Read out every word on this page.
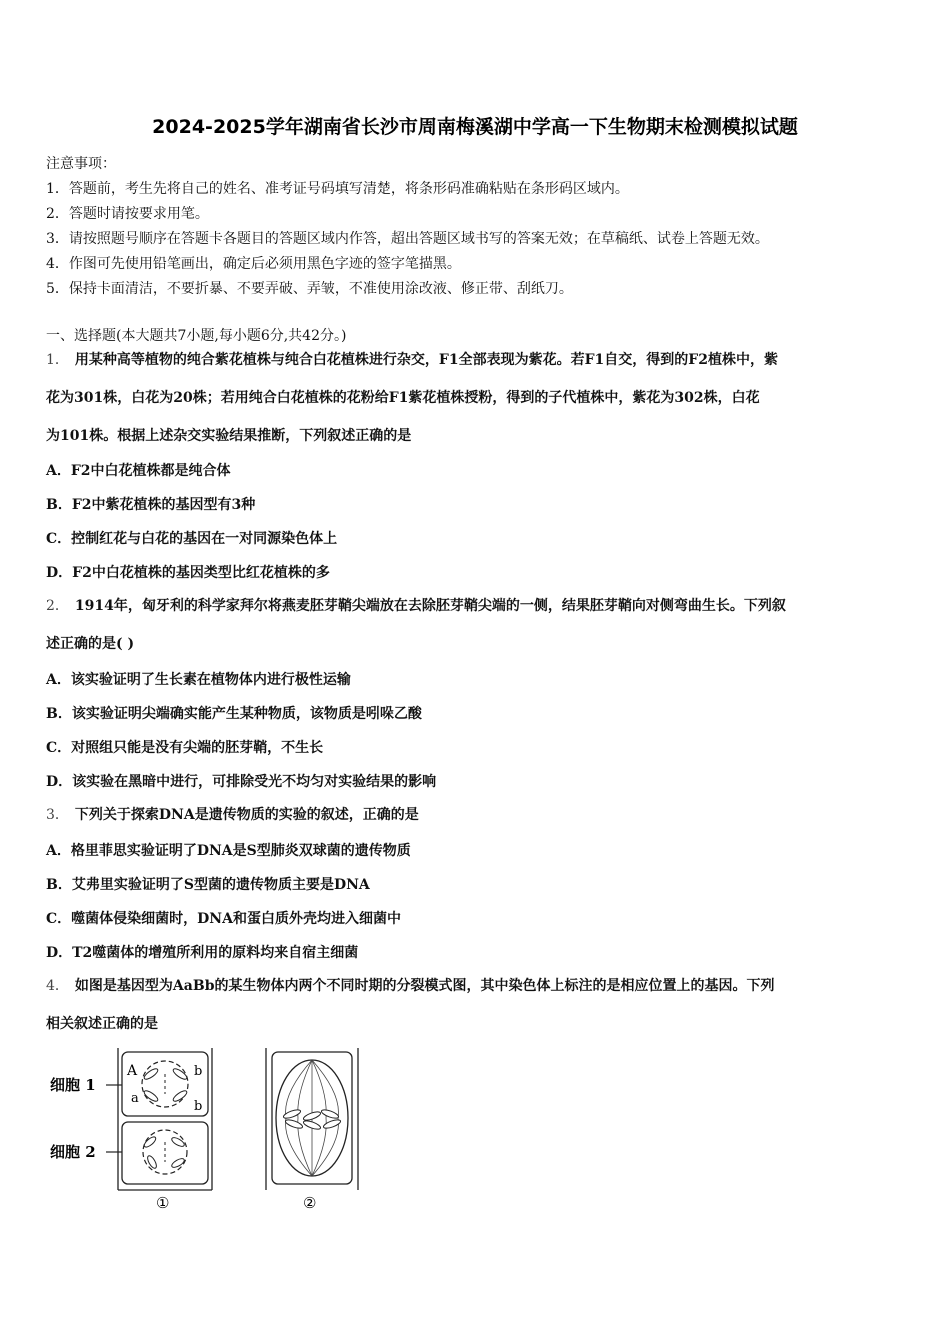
2024-2025学年湖南省长沙市周南梅溪湖中学高一下生物期末检测模拟试题
注意事项：
1．答题前，考生先将自己的姓名、准考证号码填写清楚，将条形码准确粘贴在条形码区域内。
2．答题时请按要求用笔。
3．请按照题号顺序在答题卡各题目的答题区域内作答，超出答题区域书写的答案无效；在草稿纸、试卷上答题无效。
4．作图可先使用铅笔画出，确定后必须用黑色字迹的签字笔描黑。
5．保持卡面清洁，不要折暴、不要弄破、弄皱，不准使用涂改液、修正带、刮纸刀。
一、选择题(本大题共7小题,每小题6分,共42分。)
1． 用某种高等植物的纯合紫花植株与纯合白花植株进行杂交，F1全部表现为紫花。若F1自交，得到的F2植株中，紫
花为301株，白花为20株；若用纯合白花植株的花粉给F1紫花植株授粉，得到的子代植株中，紫花为302株，白花
为101株。根据上述杂交实验结果推断，下列叙述正确的是
A．F2中白花植株都是纯合体
B．F2中紫花植株的基因型有3种
C．控制红花与白花的基因在一对同源染色体上
D．F2中白花植株的基因类型比红花植株的多
2． 1914年，匈牙利的科学家拜尔将燕麦胚芽鞘尖端放在去除胚芽鞘尖端的一侧，结果胚芽鞘向对侧弯曲生长。下列叙
述正确的是( )
A．该实验证明了生长素在植物体内进行极性运输
B．该实验证明尖端确实能产生某种物质，该物质是吲哚乙酸
C．对照组只能是没有尖端的胚芽鞘，不生长
D．该实验在黑暗中进行，可排除受光不均匀对实验结果的影响
3． 下列关于探索DNA是遗传物质的实验的叙述，正确的是
A．格里菲思实验证明了DNA是S型肺炎双球菌的遗传物质
B．艾弗里实验证明了S型菌的遗传物质主要是DNA
C．噬菌体侵染细菌时，DNA和蛋白质外壳均进入细菌中
D．T2噬菌体的增殖所利用的原料均来自宿主细菌
4． 如图是基因型为AaBb的某生物体内两个不同时期的分裂模式图，其中染色体上标注的是相应位置上的基因。下列
相关叙述正确的是
细胞 1
细胞 2
A
a
b
b
①	②
